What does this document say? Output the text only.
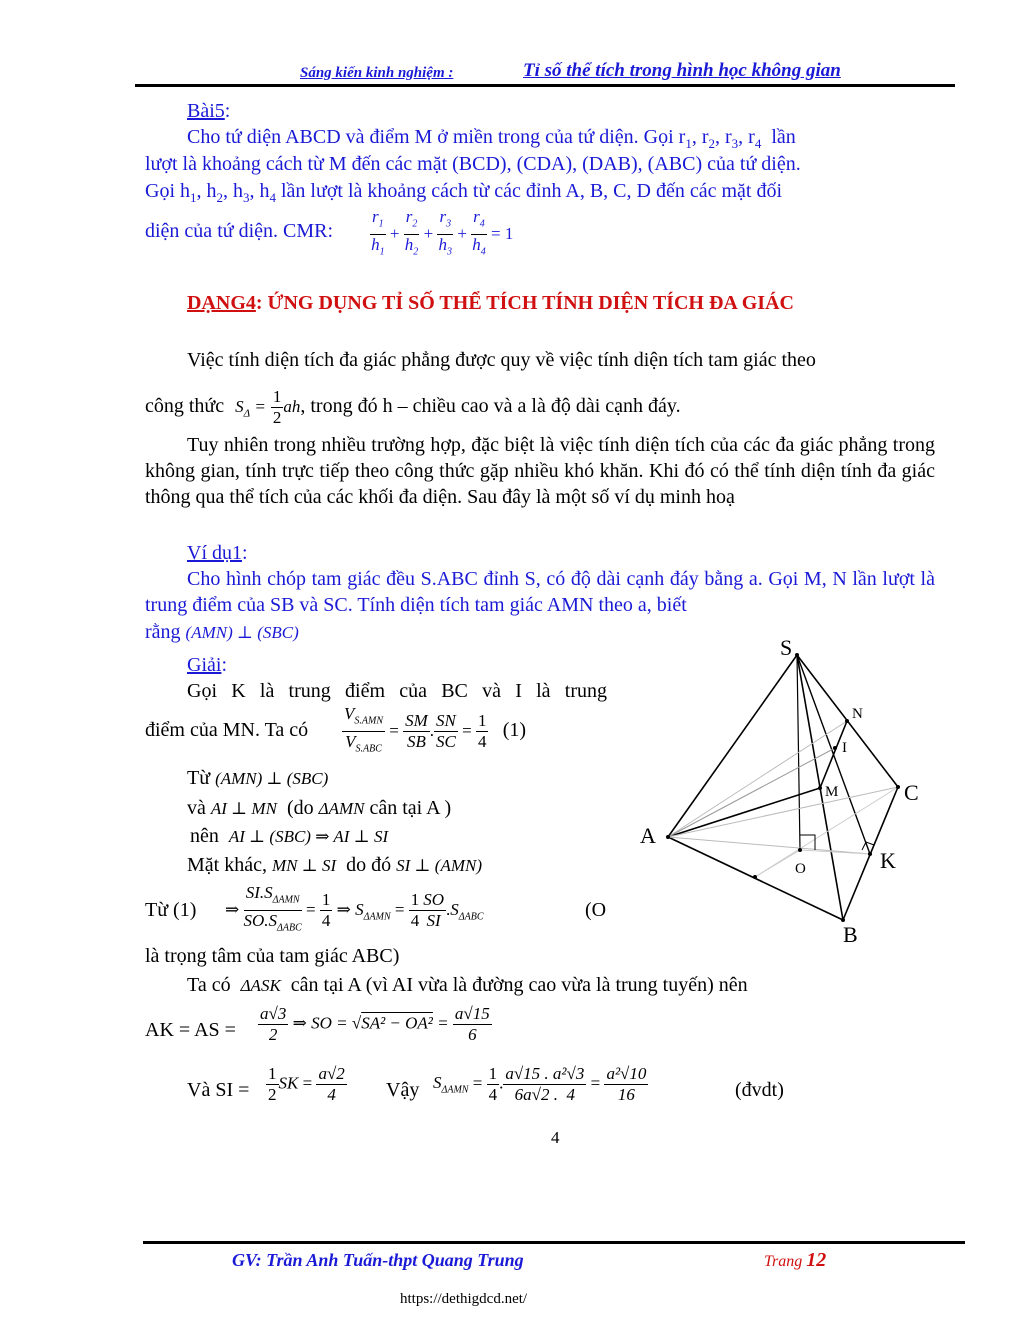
Sáng kiến kinh nghiệm :	Tỉ số thể tích trong hình học không gian
Bài5:
Cho tứ diện ABCD và điểm M ở miền trong của tứ diện. Gọi $r_1$, $r_2$, $r_3$, $r_4$ lần
lượt là khoảng cách từ M đến các mặt (BCD), (CDA), (DAB), (ABC) của tứ diện.
Gọi $h_1$, $h_2$, $h_3$, $h_4$ lần lượt là khoảng cách từ các đỉnh A, B, C, D đến các mặt đối
diện của tứ diện. CMR: $\frac{r_1}{h_1} + \frac{r_2}{h_2} + \frac{r_3}{h_3} + \frac{r_4}{h_4} = 1$
DẠNG4: ỨNG DỤNG TỈ SỐ THỂ TÍCH TÍNH DIỆN TÍCH ĐA GIÁC
Việc tính diện tích đa giác phẳng được quy về việc tính diện tích tam giác theo
công thức $S_\Delta = \frac{1}{2}$ ah, trong đó h – chiều cao và a là độ dài cạnh đáy.
Tuy nhiên trong nhiều trường hợp, đặc biệt là việc tính diện tích của các đa giác phẳng trong không gian, tính trực tiếp theo công thức gặp nhiều khó khăn. Khi đó có thể tính diện tính đa giác thông qua thể tích của các khối đa diện. Sau đây là một số ví dụ minh hoạ
Ví dụ1:
Cho hình chóp tam giác đều S.ABC đỉnh S, có độ dài cạnh đáy bằng a. Gọi M, N lần lượt là trung điểm của SB và SC. Tính diện tích tam giác AMN theo a, biết
rằng (AMN) ⊥ (SBC)
Giải:
Gọi K là trung điểm của BC và I là trung
điểm của MN. Ta có $\frac{V_{S.AMN}}{V_{S.ABC}} = \frac{SM}{SB}$ . $\frac{SN}{SC} = \frac{1}{4} (1)$
Từ (AMN) ⊥ (SBC)
và AI ⊥ MN (do ΔAMN cân tại A )
nên AI ⊥ (SBC) ⇒ AI ⊥ SI
Mặt khác, MN ⊥ SI do đó SI ⊥ (AMN)
Từ (1) ⇒ $\frac{SI.S_{\Delta AMN}}{SO.S_{\Delta ABC}} = \frac{1}{4}$ ⇒ $S_{\Delta AMN} = \frac{1}{4} \frac{SO}{SI} .S_{\Delta ABC}$	(O
là trọng tâm của tam giác ABC)
Ta có ΔASK cân tại A (vì AI vừa là đường cao vừa là trung tuyến) nên
AK = AS = $\frac{a√3}{2}$ ⇒ SO = $√SA^2 - OA^2 = \frac{a√15}{6}$
Và SI = $\frac{1}{2}$ SK = $\frac{a√2}{4}$ Vậy $S_{\Delta AMN} = \frac{1}{4}$ . $\frac{\text{a√15 . a²√3}}{6a√2 . 4} = \frac{\text{a²√10}}{16}$
4
(đvdt)
S
N
I
C
M
A
O	K
B
GV: Trần Anh Tuấn-thpt Quang Trung	Trang 12
https://dethigdcd.net/
